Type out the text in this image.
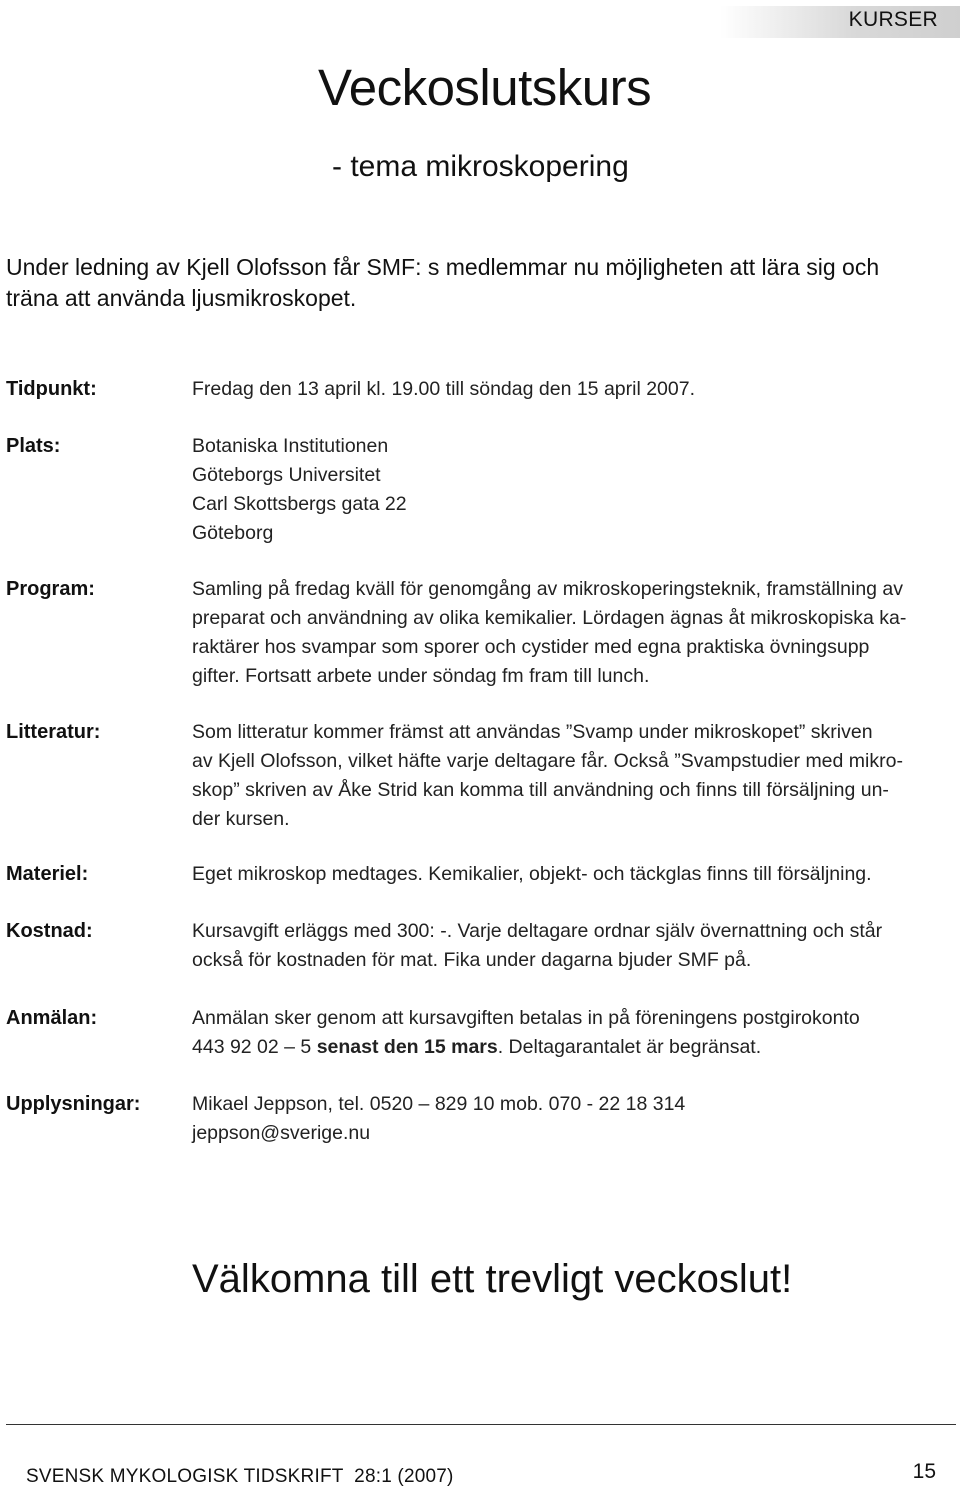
KURSER
Veckoslutskurs
- tema mikroskopering
Under ledning av Kjell Olofsson får SMF: s medlemmar nu möjligheten att lära sig och
träna att använda ljusmikroskopet.
Tidpunkt:	Fredag den 13 april kl. 19.00 till söndag den 15 april 2007.
Plats:	Botaniska Institutionen
Göteborgs Universitet
Carl Skottsbergs gata 22
Göteborg
Program:	Samling på fredag kväll för genomgång av mikroskoperingsteknik, framställning av
preparat och användning av olika kemikalier. Lördagen ägnas åt mikroskopiska ka-
raktärer hos svampar som sporer och cystider med egna praktiska övningsupp
gifter. Fortsatt arbete under söndag fm fram till lunch.
Litteratur:	Som litteratur kommer främst att användas ”Svamp under mikroskopet” skriven
av Kjell Olofsson, vilket häfte varje deltagare får. Också ”Svampstudier med mikro-
skop” skriven av Åke Strid kan komma till användning och finns till försäljning un-
der kursen.
Materiel:	Eget mikroskop medtages. Kemikalier, objekt- och täckglas finns till försäljning.
Kostnad:	Kursavgift erläggs med 300: -. Varje deltagare ordnar själv övernattning och står
också för kostnaden för mat. Fika under dagarna bjuder SMF på.
Anmälan:	Anmälan sker genom att kursavgiften betalas in på föreningens postgirokonto
443 92 02 – 5 senast den 15 mars. Deltagarantalet är begränsat.
Upplysningar:	Mikael Jeppson, tel. 0520 – 829 10 mob. 070 - 22 18 314
jeppson@sverige.nu
Välkomna till ett trevligt veckoslut!
SVENSK MYKOLOGISK TIDSKRIFT  28:1 (2007)	15
